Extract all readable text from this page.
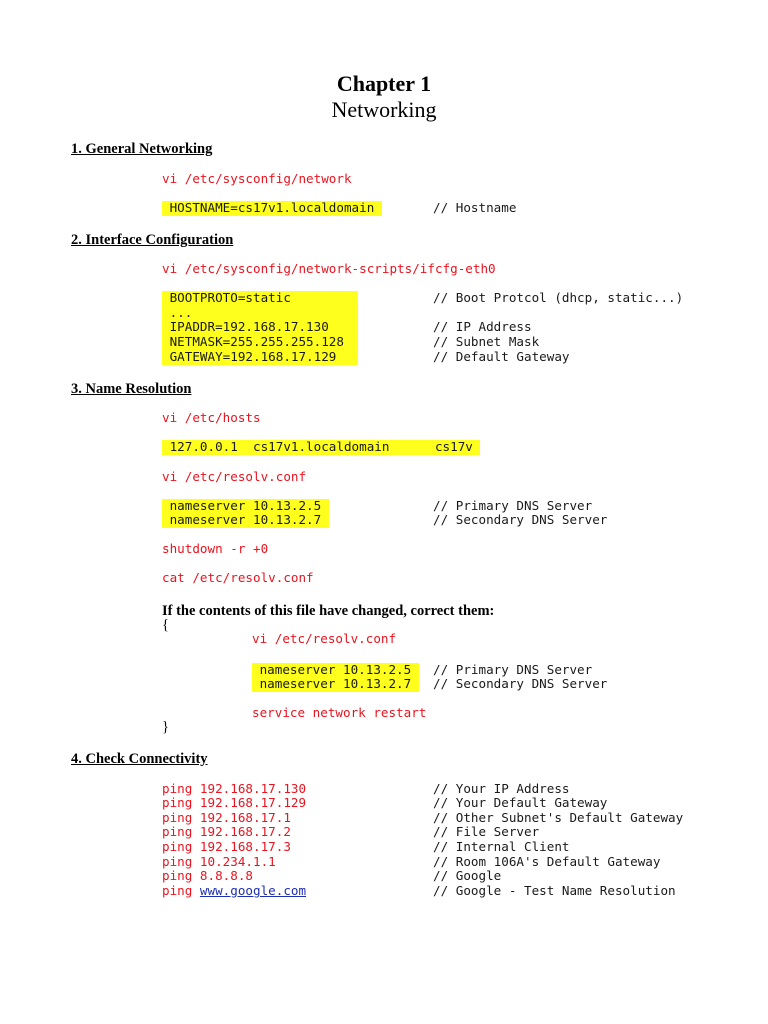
Chapter 1
Networking
1. General Networking
vi /etc/sysconfig/network
HOSTNAME=cs17v1.localdomain	// Hostname
2. Interface Configuration
vi /etc/sysconfig/network-scripts/ifcfg-eth0
BOOTPROTO=static	// Boot Protcol (dhcp, static...)
...
IPADDR=192.168.17.130	// IP Address
NETMASK=255.255.255.128	// Subnet Mask
GATEWAY=192.168.17.129	// Default Gateway
3. Name Resolution
vi /etc/hosts
127.0.0.1  cs17v1.localdomain      cs17v
vi /etc/resolv.conf
nameserver 10.13.2.5	// Primary DNS Server
nameserver 10.13.2.7	// Secondary DNS Server
shutdown -r +0
cat /etc/resolv.conf
If the contents of this file have changed, correct them:
{
vi /etc/resolv.conf
nameserver 10.13.2.5 // Primary DNS Server
nameserver 10.13.2.7 // Secondary DNS Server
service network restart
}
4. Check Connectivity
ping 192.168.17.130	// Your IP Address
ping 192.168.17.129	// Your Default Gateway
ping 192.168.17.1	// Other Subnet's Default Gateway
ping 192.168.17.2	// File Server
ping 192.168.17.3	// Internal Client
ping 10.234.1.1	// Room 106A's Default Gateway
ping 8.8.8.8	// Google
ping www.google.com	// Google - Test Name Resolution
